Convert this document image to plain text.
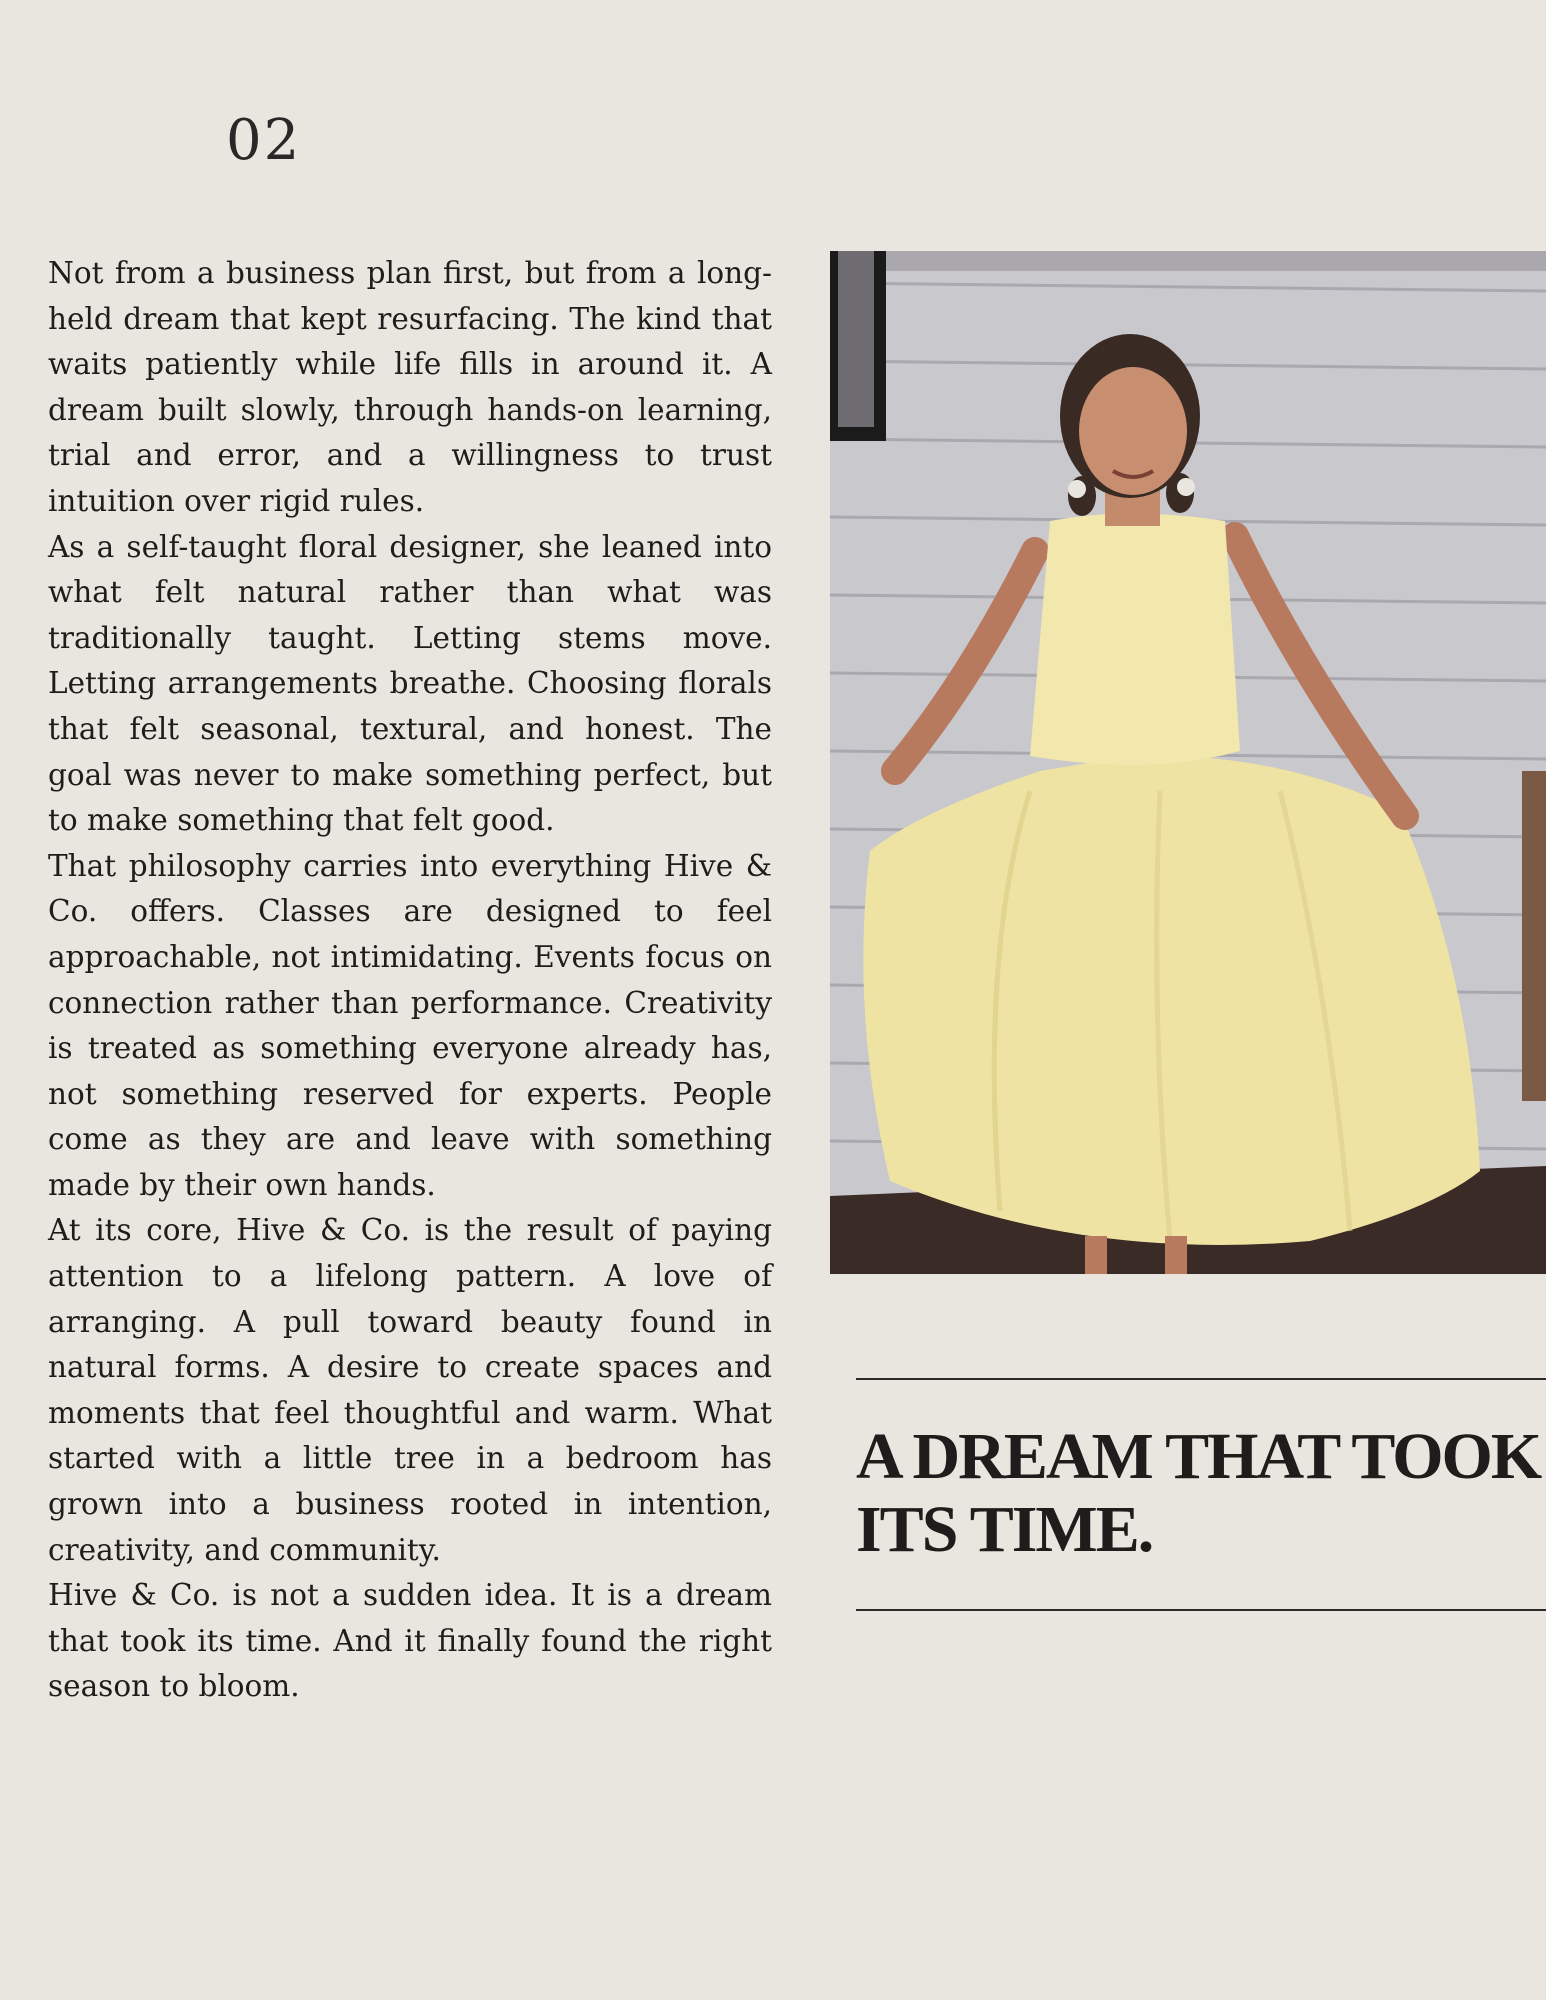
02

Not from a business plan first, but from a long-held dream that kept resurfacing. The kind that waits patiently while life fills in around it. A dream built slowly, through hands-on learning, trial and error, and a willingness to trust intuition over rigid rules.

As a self-taught floral designer, she leaned into what felt natural rather than what was traditionally taught. Letting stems move. Letting arrangements breathe. Choosing florals that felt seasonal, textural, and honest. The goal was never to make something perfect, but to make something that felt good.

That philosophy carries into everything Hive & Co. offers. Classes are designed to feel approachable, not intimidating. Events focus on connection rather than performance. Creativity is treated as something everyone already has, not something reserved for experts. People come as they are and leave with something made by their own hands.

At its core, Hive & Co. is the result of paying attention to a lifelong pattern. A love of arranging. A pull toward beauty found in natural forms. A desire to create spaces and moments that feel thoughtful and warm. What started with a little tree in a bedroom has grown into a business rooted in intention, creativity, and community.

Hive & Co. is not a sudden idea. It is a dream that took its time. And it finally found the right season to bloom.

A DREAM THAT TOOK
ITS TIME.
